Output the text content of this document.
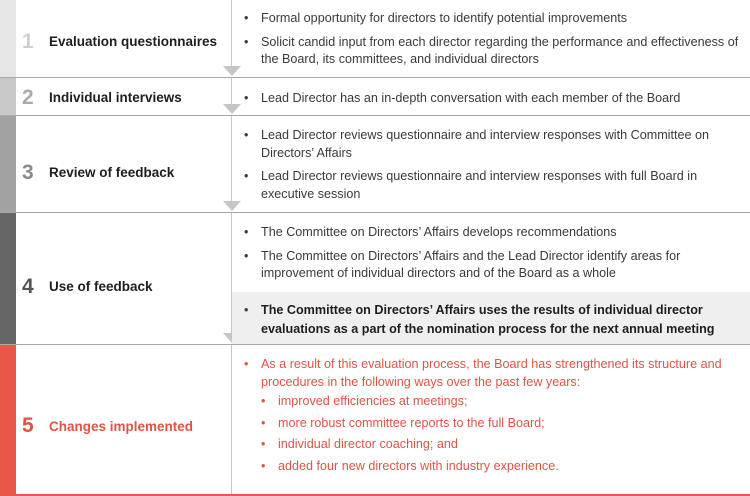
1 Evaluation questionnaires
• Formal opportunity for directors to identify potential improvements
• Solicit candid input from each director regarding the performance and effectiveness of the Board, its committees, and individual directors
2 Individual interviews
•	Lead Director has an in-depth conversation with each member of the Board
3 Review of feedback
• Lead Director reviews questionnaire and interview responses with Committee on Directors’ Affairs
• Lead Director reviews questionnaire and interview responses with full Board in executive session
4 Use of feedback
• The Committee on Directors’ Affairs develops recommendations
• The Committee on Directors’ Affairs and the Lead Director identify areas for improvement of individual directors and of the Board as a whole
• The Committee on Directors’ Affairs uses the results of individual director evaluations as a part of the nomination process for the next annual meeting
5 Changes implemented
• As a result of this evaluation process, the Board has strengthened its structure and procedures in the following ways over the past few years:
• improved efficiencies at meetings;
• more robust committee reports to the full Board;
• individual director coaching; and
• added four new directors with industry experience.
